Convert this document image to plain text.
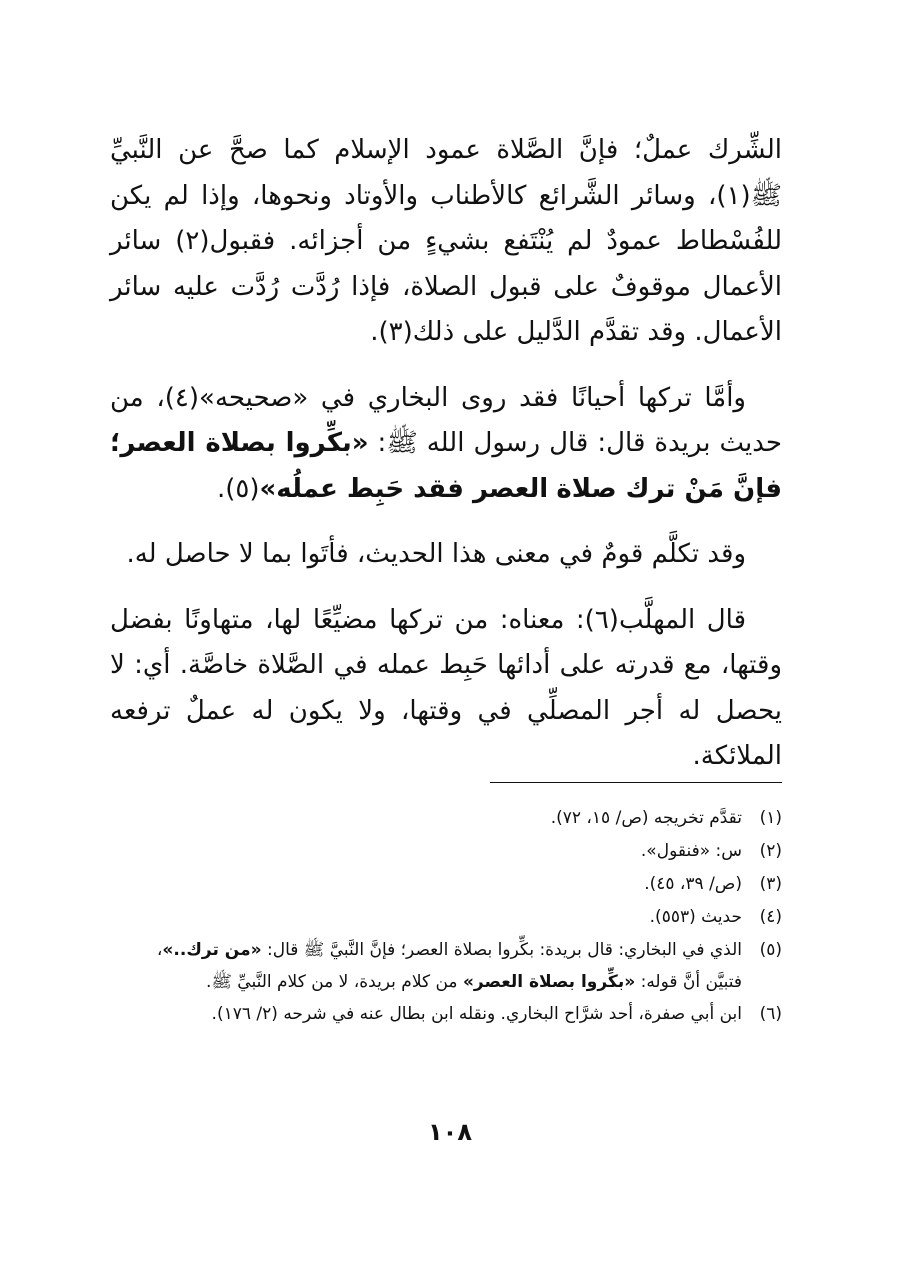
الشِّرك عملٌ؛ فإنَّ الصَّلاة عمود الإسلام كما صحَّ عن النَّبيِّ ﷺ(١)، وسائر الشَّرائع كالأطناب والأوتاد ونحوها، وإذا لم يكن للفُسْطاط عمودٌ لم يُنْتَفع بشيءٍ من أجزائه. فقبول(٢) سائر الأعمال موقوفٌ على قبول الصلاة، فإذا رُدَّت رُدَّت عليه سائر الأعمال. وقد تقدَّم الدَّليل على ذلك(٣).

وأمَّا تركها أحيانًا فقد روى البخاري في «صحيحه»(٤)، من حديث بريدة قال: قال رسول الله ﷺ: «بكِّروا بصلاة العصر؛ فإنَّ مَنْ ترك صلاة العصر فقد حَبِط عملُه»(٥).

وقد تكلَّم قومٌ في معنى هذا الحديث، فأتَوا بما لا حاصل له.

قال المهلَّب(٦): معناه: من تركها مضيِّعًا لها، متهاونًا بفضل وقتها، مع قدرته على أدائها حَبِط عمله في الصَّلاة خاصَّة. أي: لا يحصل له أجر المصلِّي في وقتها، ولا يكون له عملٌ ترفعه الملائكة.

(١)
تقدَّم تخريجه (ص/ ١٥، ٧٢).

(٢)
س: «فنقول».

(٣)
(ص/ ٣٩، ٤٥).

(٤)
حديث (٥٥٣).

(٥)
الذي في البخاري: قال بريدة: بكِّروا بصلاة العصر؛ فإنَّ النَّبيَّ ﷺ قال: «من ترك..»،
فتبيَّن أنَّ قوله: «بكِّروا بصلاة العصر» من كلام بريدة، لا من كلام النَّبيِّ ﷺ.

(٦)
ابن أبي صفرة، أحد شرَّاح البخاري. ونقله ابن بطال عنه في شرحه (٢/ ١٧٦).

١٠٨
